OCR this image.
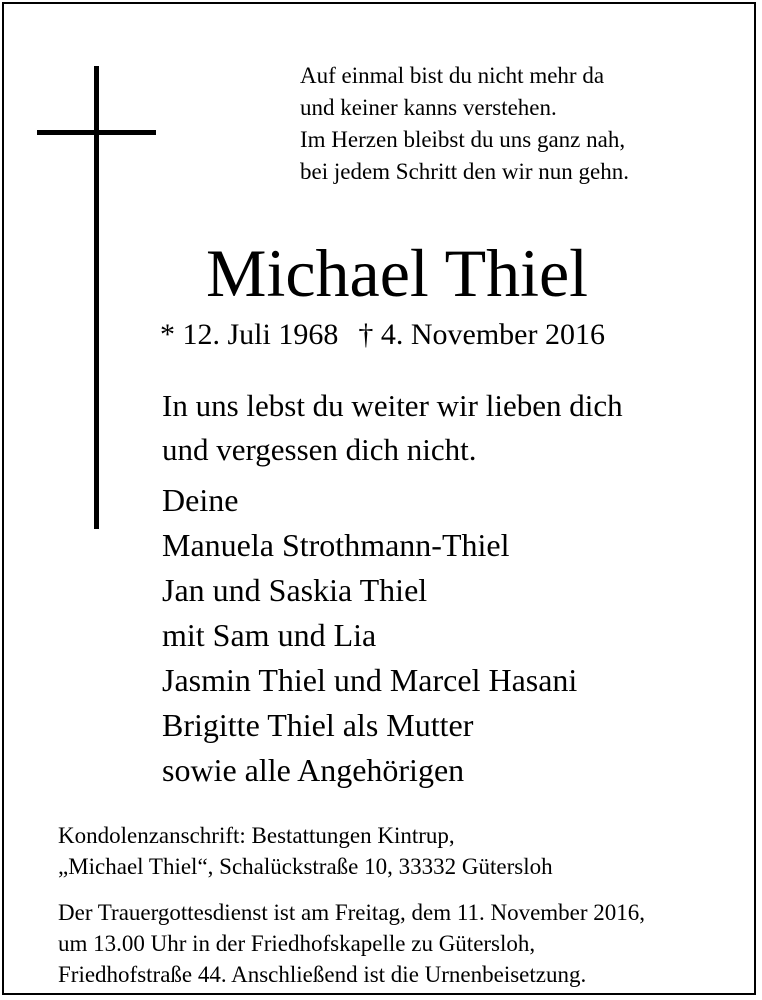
Auf einmal bist du nicht mehr da
und keiner kanns verstehen.
Im Herzen bleibst du uns ganz nah,
bei jedem Schritt den wir nun gehn.
Michael Thiel
* 12. Juli 1968 † 4. November 2016
In uns lebst du weiter wir lieben dich
und vergessen dich nicht.
Deine
Manuela Strothmann-Thiel
Jan und Saskia Thiel
mit Sam und Lia
Jasmin Thiel und Marcel Hasani
Brigitte Thiel als Mutter
sowie alle Angehörigen
Kondolenzanschrift: Bestattungen Kintrup,
„Michael Thiel“, Schalückstraße 10, 33332 Gütersloh
Der Trauergottesdienst ist am Freitag, dem 11. November 2016,
um 13.00 Uhr in der Friedhofskapelle zu Gütersloh,
Friedhofstraße 44. Anschließend ist die Urnenbeisetzung.
